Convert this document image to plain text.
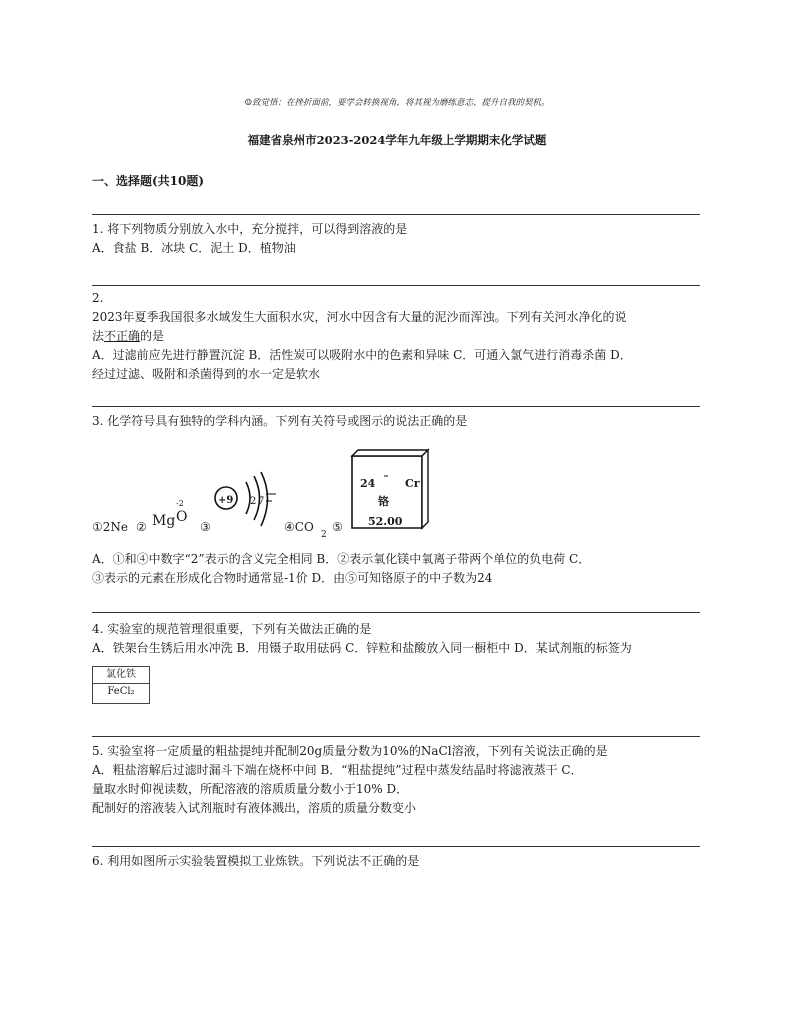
☺致觉悟：在挫折面前，要学会转换视角，将其视为磨练意志、提升自我的契机。
福建省泉州市2023-2024学年九年级上学期期末化学试题
一、选择题(共10题)
1. 将下列物质分别放入水中，充分搅拌，可以得到溶液的是
A．食盐 B．冰块 C．泥土 D．植物油
2.
2023年夏季我国很多水域发生大面积水灾，河水中因含有大量的泥沙而浑浊。下列有关河水净化的说
法不正确的是
A．过滤前应先进行静置沉淀 B．活性炭可以吸附水中的色素和异味 C．可通入氯气进行消毒杀菌 D．
经过过滤、吸附和杀菌得到的水一定是软水
3. 化学符号具有独特的学科内涵。下列有关符号或图示的说法正确的是
①2Ne ② Mg
-2
O
③
+9 2 7
④CO
2
⑤
24	Cr
铬
52.00
A．①和④中数字“2”表示的含义完全相同 B．②表示氧化镁中氧离子带两个单位的负电荷 C．
③表示的元素在形成化合物时通常显-1价 D．由⑤可知铬原子的中子数为24
4. 实验室的规范管理很重要，下列有关做法正确的是
A．铁架台生锈后用水冲洗 B．用镊子取用砝码 C．锌粒和盐酸放入同一橱柜中 D．某试剂瓶的标签为
氯化铁
FeCl₂
5. 实验室将一定质量的粗盐提纯并配制20g质量分数为10%的NaCl溶液，下列有关说法正确的是
A．粗盐溶解后过滤时漏斗下端在烧杯中间 B．“粗盐提纯”过程中蒸发结晶时将滤液蒸干 C．
量取水时仰视读数，所配溶液的溶质质量分数小于10% D．
配制好的溶液装入试剂瓶时有液体溅出，溶质的质量分数变小
6. 利用如图所示实验装置模拟工业炼铁。下列说法不正确的是
